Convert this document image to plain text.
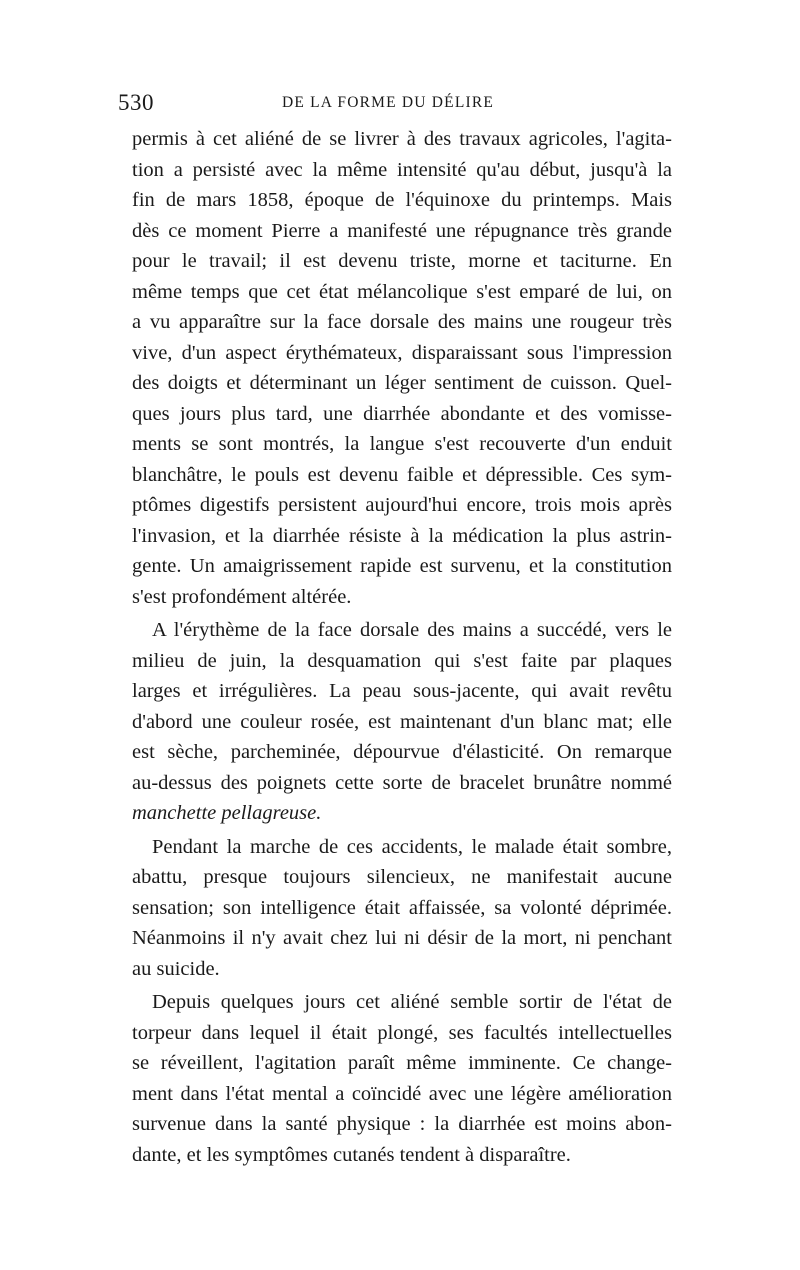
530	DE LA FORME DU DÉLIRE
permis à cet aliéné de se livrer à des travaux agricoles, l'agita-
tion a persisté avec la même intensité qu'au début, jusqu'à la
fin de mars 1858, époque de l'équinoxe du printemps. Mais
dès ce moment Pierre a manifesté une répugnance très grande
pour le travail; il est devenu triste, morne et taciturne. En
même temps que cet état mélancolique s'est emparé de lui, on
a vu apparaître sur la face dorsale des mains une rougeur très
vive, d'un aspect érythémateux, disparaissant sous l'impression
des doigts et déterminant un léger sentiment de cuisson. Quel-
ques jours plus tard, une diarrhée abondante et des vomisse-
ments se sont montrés, la langue s'est recouverte d'un enduit
blanchâtre, le pouls est devenu faible et dépressible. Ces sym-
ptômes digestifs persistent aujourd'hui encore, trois mois après
l'invasion, et la diarrhée résiste à la médication la plus astrin-
gente. Un amaigrissement rapide est survenu, et la constitution
s'est profondément altérée.
A l'érythème de la face dorsale des mains a succédé, vers le
milieu de juin, la desquamation qui s'est faite par plaques
larges et irrégulières. La peau sous-jacente, qui avait revêtu
d'abord une couleur rosée, est maintenant d'un blanc mat; elle
est sèche, parcheminée, dépourvue d'élasticité. On remarque
au-dessus des poignets cette sorte de bracelet brunâtre nommé
manchette pellagreuse.
Pendant la marche de ces accidents, le malade était sombre,
abattu, presque toujours silencieux, ne manifestait aucune
sensation; son intelligence était affaissée, sa volonté déprimée.
Néanmoins il n'y avait chez lui ni désir de la mort, ni penchant
au suicide.
Depuis quelques jours cet aliéné semble sortir de l'état de
torpeur dans lequel il était plongé, ses facultés intellectuelles
se réveillent, l'agitation paraît même imminente. Ce change-
ment dans l'état mental a coïncidé avec une légère amélioration
survenue dans la santé physique : la diarrhée est moins abon-
dante, et les symptômes cutanés tendent à disparaître.
